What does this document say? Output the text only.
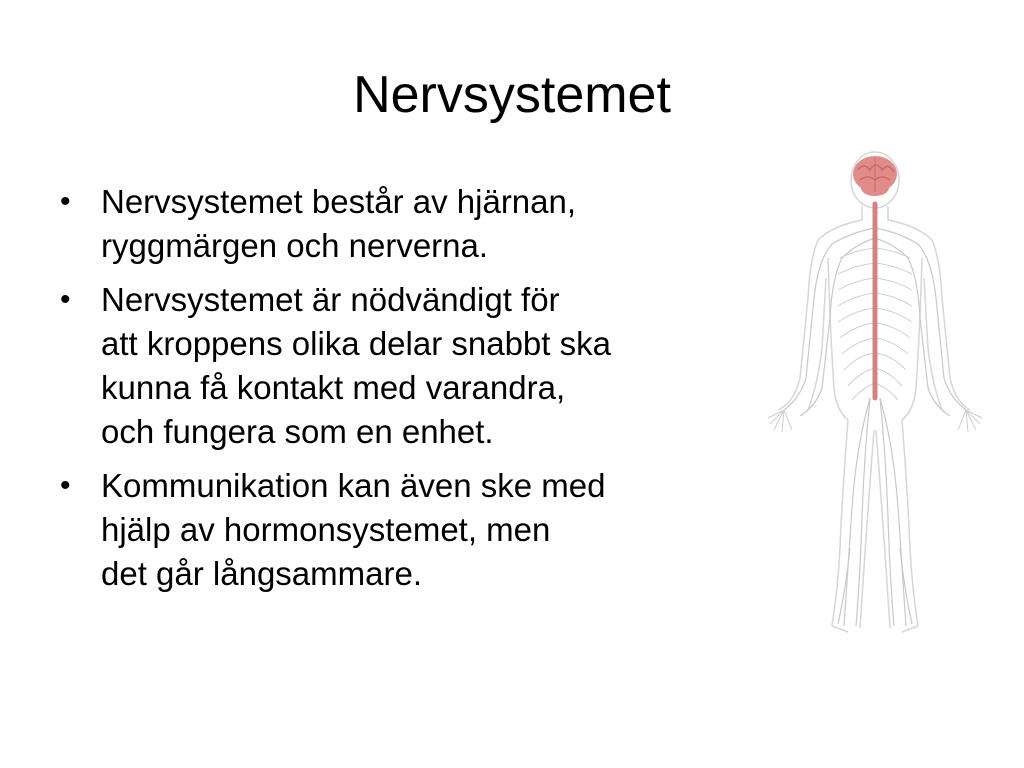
Nervsystemet
• Nervsystemet består av hjärnan,
ryggmärgen och nerverna.
• Nervsystemet är nödvändigt för
att kroppens olika delar snabbt ska
kunna få kontakt med varandra,
och fungera som en enhet.
• Kommunikation kan även ske med
hjälp av hormonsystemet, men
det går långsammare.
